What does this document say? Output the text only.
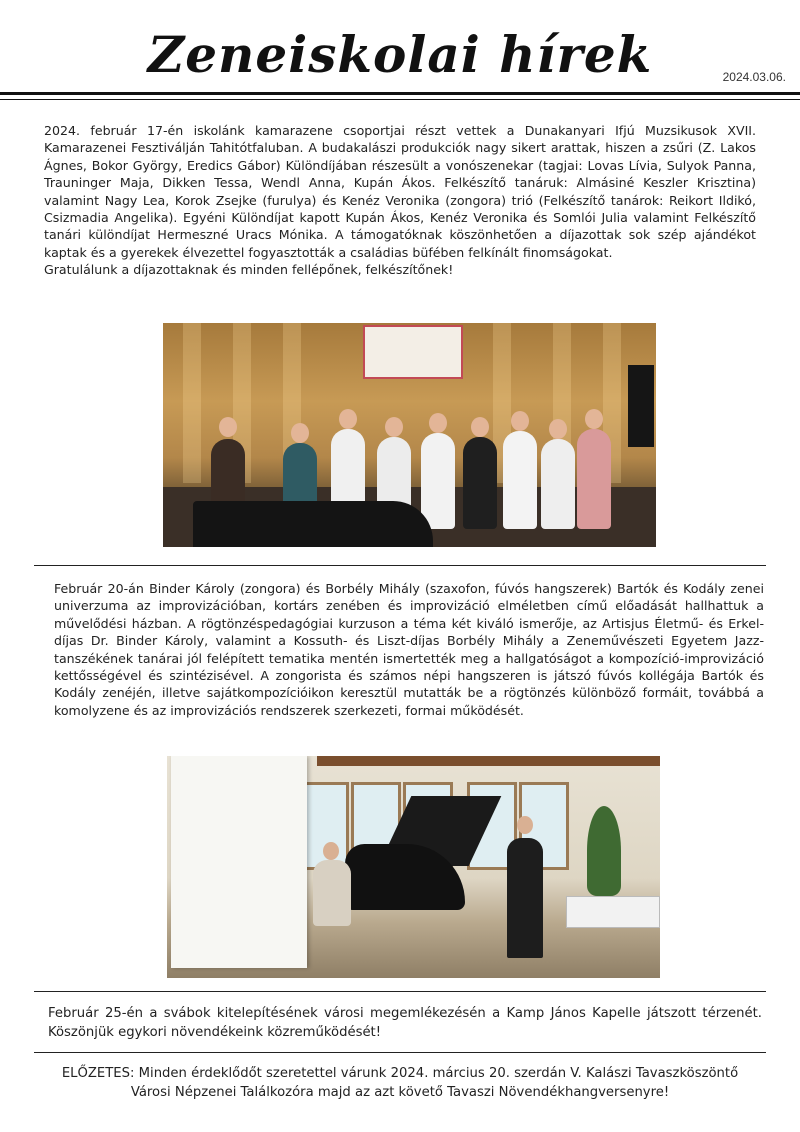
Zeneiskolai hírek	2024.03.06.

2024. február 17-én iskolánk kamarazene csoportjai részt vettek a Dunakanyari Ifjú Muzsikusok XVII. Kamarazenei Fesztiválján Tahitótfaluban. A budakalászi produkciók nagy sikert arattak, hiszen a zsűri (Z. Lakos Ágnes, Bokor György, Eredics Gábor) Különdíjában részesült a vonószenekar (tagjai: Lovas Lívia, Sulyok Panna, Trauninger Maja, Dikken Tessa, Wendl Anna, Kupán Ákos. Felkészítő tanáruk: Almásiné Keszler Krisztina) valamint Nagy Lea, Korok Zsejke (furulya) és Kenéz Veronika (zongora) trió (Felkészítő tanárok: Reikort Ildikó, Csizmadia Angelika). Egyéni Különdíjat kapott Kupán Ákos, Kenéz Veronika és Somlói Julia valamint Felkészítő tanári különdíjat Hermeszné Uracs Mónika. A támogatóknak köszönhetően a díjazottak sok szép ajándékot kaptak és a gyerekek élvezettel fogyasztották a családias büfében felkínált finomságokat.

Gratulálunk a díjazottaknak és minden fellépőnek, felkészítőnek!

Február 20-án Binder Károly (zongora) és Borbély Mihály (szaxofon, fúvós hangszerek) Bartók és Kodály zenei univerzuma az improvizációban, kortárs zenében és improvizáció elméletben című előadását hallhattuk a művelődési házban. A rögtönzéspedagógiai kurzuson a téma két kiváló ismerője, az Artisjus Életmű- és Erkel-díjas Dr. Binder Károly, valamint a Kossuth- és Liszt-díjas Borbély Mihály a Zeneművészeti Egyetem Jazz-tanszékének tanárai jól felépített tematika mentén ismertették meg a hallgatóságot a kompozíció-improvizáció kettősségével és szintézisével. A zongorista és számos népi hangszeren is játszó fúvós kollégája Bartók és Kodály zenéjén, illetve sajátkompozícióikon keresztül mutatták be a rögtönzés különböző formáit, továbbá a komolyzene és az improvizációs rendszerek szerkezeti, formai működését.

Február 25-én a svábok kitelepítésének városi megemlékezésén a Kamp János Kapelle játszott térzenét. Köszönjük egykori növendékeink közreműködését!

ELŐZETES: Minden érdeklődőt szeretettel várunk 2024. március 20. szerdán V. Kalászi Tavaszköszöntő Városi Népzenei Találkozóra majd az azt követő Tavaszi Növendékhangversenyre!
